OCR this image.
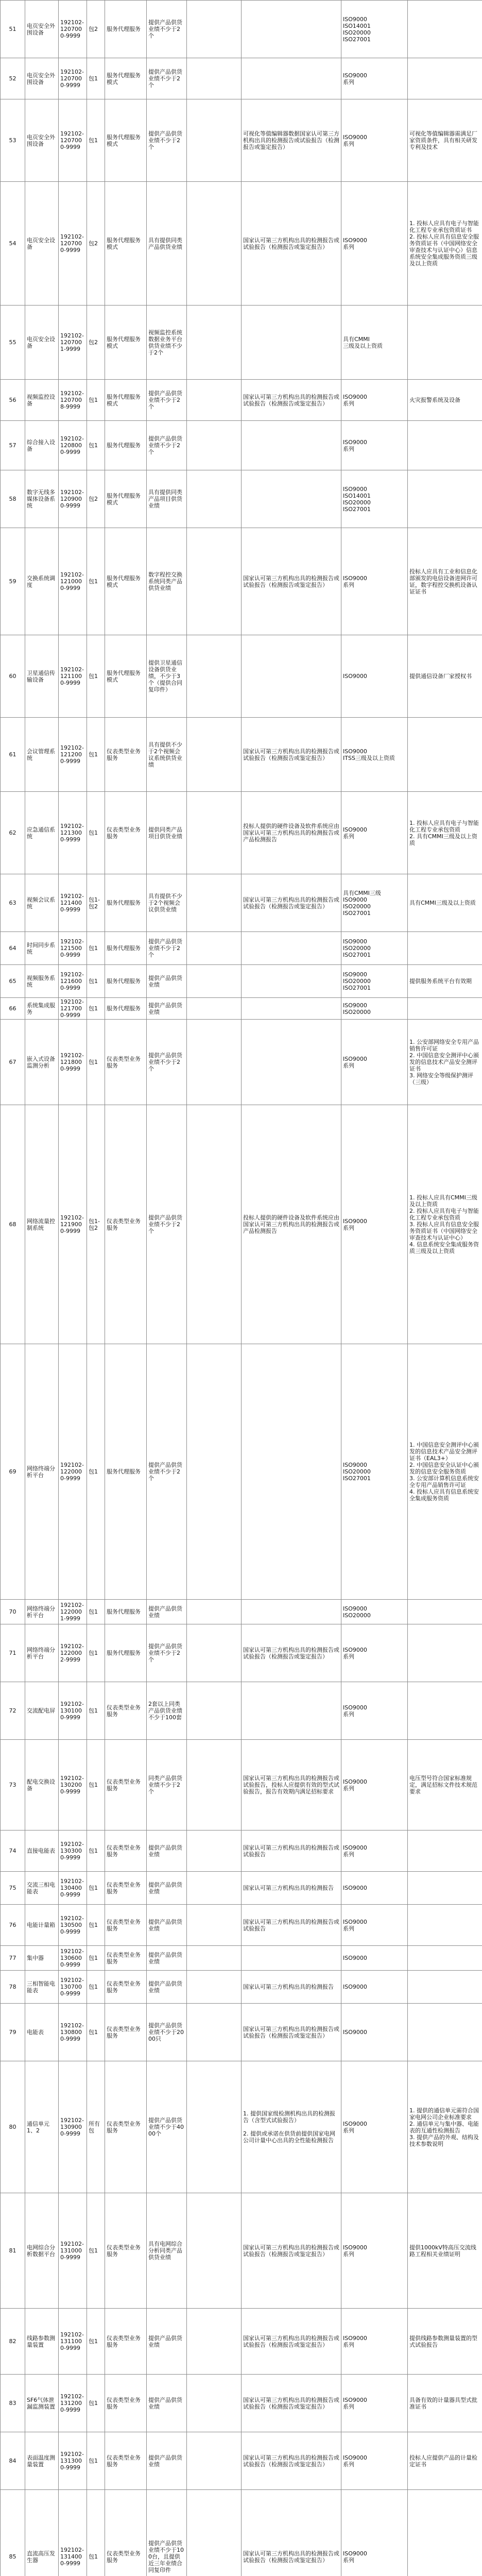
51	电页安全外围设备	192102-1207000-9999	包2	服务代理服务	提供产品供货业绩不少于2个			ISO9000
ISO14001
ISO20000
ISO27001	
52	电页安全外围设备	192102-1207000-9999	包1	服务代理服务模式	提供产品供货业绩不少于2个			ISO9000
系列	
53	电页安全外围设备	192102-1207000-9999	包1	服务代理服务模式	提供产品供货业绩不少于2个		可视化等值编辑器数据国家认可第三方机构出具的检测报告或试验报告（检测报告或鉴定报告）	ISO9000
系列	可视化等值编辑器需满足厂家资质条件，具有相关研发专利及技术
54	电页安全设备	192102-1207000-9999	包2	服务代理服务模式	具有提供同类产品供货业绩		国家认可第三方机构出具的检测报告或试验报告（检测报告或鉴定报告）	ISO9000
系列	1. 投标人应具有电子与智能化工程专业承包资质证书
2. 投标人应具有信息安全服务资质证书（中国网络安全审查技术与认证中心）信息系统安全集成服务资质三级及以上资质
55	电页安全设备	192102-1207001-9999	包2	服务代理服务模式	视频监控系统数据业务平台供货业绩不少于2个			具有CMMI
三级及以上资质	
56	视频监控设备	192102-1207008-9999	包1	服务代理服务模式	提供产品供货业绩不少于2个		国家认可第三方机构出具的检测报告或试验报告（检测报告或鉴定报告）	ISO9000
系列	火灾报警系统及设备
57	综合接入设备	192102-1208000-9999	包1	服务代理服务	提供产品供货业绩不少于2个			ISO9000
系列	
58	数字无线多媒体设备系统	192102-1209000-9999	包2	服务代理服务模式	具有提供同类产品项目供货业绩			ISO9000
ISO14001
ISO20000
ISO27001	
59	交换系统调度	192102-1210000-9999	包1	服务代理服务模式	数字程控交换系统同类产品供货业绩		国家认可第三方机构出具的检测报告或试验报告（检测报告或鉴定报告）	ISO9000
系列	投标人应具有工业和信息化部颁发的电信设备进网许可证，数字程控交换机设备认证证书
60	卫星通信传输设备	192102-1211000-9999	包1	服务代理服务模式	提供卫星通信设备供货业绩，不少于3个（提供合同复印件）			ISO9000	提供通信设备厂家授权书
61	会议管理系统	192102-1212000-9999	包1	仪表类型业务服务	具有提供不少于2个视频会议系统供货业绩		国家认可第三方机构出具的检测报告或试验报告（检测报告或鉴定报告）	ISO9000
ITSS三级及以上资质	
62	应急通信系统	192102-1213000-9999	包1	仪表类型业务服务	提供同类产品项目供货业绩		投标人提供的硬件设备及软件系统应由国家认可第三方机构出具的检测报告或产品检测报告	ISO9000
系列	1. 投标人应具有电子与智能化工程专业承包资质
2. 具有CMMI三级及以上资质
63	视频会议系统	192102-1214000-9999	包1-包2	服务代理服务	具有提供不少于2个视频会议供货业绩		国家认可第三方机构出具的检测报告或试验报告（检测报告或鉴定报告）	具有CMMI三级
ISO9000
ISO20000
ISO27001	具有CMMI三级及以上资质
64	时间同步系统	192102-1215000-9999	包1	服务代理服务	提供产品供货业绩不少于2个			ISO9000
ISO20000
ISO27001	
65	视频服务系统	192102-1216000-9999	包1	服务代理服务	提供产品供货业绩			ISO9000
ISO20000
ISO27001	提供服务系统平台有效期
66	系统集成服务	192102-1217000-9999	包1	服务代理服务	提供产品供货业绩			ISO9000
ISO20000	
67	嵌入式设备监测分析	192102-1218000-9999	包1	仪表类型业务服务	提供产品供货业绩不少于2个			ISO9000
系列	1. 公安部网络安全专用产品销售许可证
2. 中国信息安全测评中心颁发的信息技术产品安全测评证书
3. 网络安全等级保护测评（三级）
68	网络流量控制系统	192102-1219000-9999	包1-包2	仪表类型业务服务	提供产品供货业绩不少于2个		投标人提供的硬件设备及软件系统应由国家认可第三方机构出具的检测报告或产品检测报告	ISO9000
系列	1. 投标人应具有CMMI三级及以上资质
2. 投标人应具有电子与智能化工程专业承包资质
3. 投标人应具有信息安全服务资质证书（中国网络安全审查技术与认证中心）
4. 信息系统安全集成服务资质三级及以上资质
69	网络终端分析平台	192102-1220000-9999	包1	服务代理服务	提供产品供货业绩不少于2个			ISO9000
ISO20000
ISO27001	1. 中国信息安全测评中心颁发的信息技术产品安全测评证书（EAL3+）
2. 中国信息安全认证中心颁发的信息安全服务资质
3. 公安部计算机信息系统安全专用产品销售许可证
4. 投标人应具有信息系统安全集成服务资质
70	网络终端分析平台	192102-1220001-9999	包1	服务代理服务	提供产品供货业绩			ISO9000
ISO20000	
71	网络终端分析平台	192102-1220002-9999	包1	服务代理服务	提供产品供货业绩不少于2个		国家认可第三方机构出具的检测报告或试验报告（检测报告或鉴定报告）	ISO9000
系列	
72	交流配电屏	192102-1301000-9999	包1	仪表类型业务服务	2套以上同类产品供货业绩不少于100套			ISO9000
系列	
73	配电交换设备	192102-1302000-9999	包1	仪表类型业务服务	同类产品供货业绩不少于2个		国家认可第三方机构出具的检测报告或试验报告，投标人应提供有效的型式试验报告，报告有效期内满足招标要求	ISO9000
系列	电压型号符合国家标准规定，满足招标文件技术规范要求
74	直接电能表	192102-1303000-9999	包1	仪表类型业务服务	提供产品供货业绩		国家认可第三方机构出具的检测报告或试验报告	ISO9000
系列	
75	交流三相电能表	192102-1304000-9999	包1	仪表类型业务服务	提供产品供货业绩		国家认可第三方机构出具的检测报告	ISO9000	
76	电能计量箱	192102-1305000-9999	包1	仪表类型业务服务	提供产品供货业绩		国家认可第三方机构出具的检测报告或试验报告	ISO9000
系列	
77	集中器	192102-1306000-9999	包1	仪表类型业务服务	提供产品供货业绩			ISO9000	
78	三相智能电能表	192102-1307000-9999	包1	仪表类型业务服务	提供产品供货业绩		国家认可第三方机构出具的检测报告	ISO9000	
79	电能表	192102-1308000-9999	包1	仪表类型业务服务	提供产品供货业绩不少于2000只		国家认可第三方机构出具的检测报告或试验报告（检测报告或鉴定报告）	ISO9000	
80	通信单元1、2	192102-1309000-9999	所有包	仪表类型业务服务	提供产品供货业绩不少于4000个		1. 提供国家级检测机构出具的检测报告（含型式试验报告）

2. 提供或承诺在供货前提供国家电网公司计量中心出具的全性能检测报告	ISO9000
系列	1. 提供的通信单元需符合国家电网公司企业标准要求
2. 通信单元与集中器、电能表的互通性检测报告
3. 提供产品的外观、结构及技术参数说明
81	电网综合分析数据平台	192102-1310000-9999	包1	仪表类型业务服务	具有电网综合分析同类产品供货业绩		国家认可第三方机构出具的检测报告或试验报告（检测报告或鉴定报告）	ISO9000
系列	提供1000kV特高压交流线路工程相关业绩证明
82	线路参数测量装置	192102-1311000-9999	包1	仪表类型业务服务	提供产品供货业绩		国家认可第三方机构出具的检测报告或试验报告（检测报告或鉴定报告）	ISO9000
系列	提供线路参数测量装置的型式试验报告
83	SF6气体泄漏监测装置	192102-1312000-9999	包1	仪表类型业务服务	提供产品供货业绩		国家认可第三方机构出具的检测报告或试验报告（检测报告或鉴定报告）	ISO9000
系列	具备有效的计量器具型式批准证书
84	表面温度测量装置	192102-1313000-9999	包1	仪表类型业务服务	提供产品供货业绩		国家认可第三方机构出具的检测报告或试验报告（检测报告或鉴定报告）	ISO9000
系列	投标人应提供产品的计量检定证书
85	直流高压发生器	192102-1314000-9999	包1	仪表类型业务服务	提供产品供货业绩不少于100台，且提供近三年业绩合同复印件		国家认可第三方机构出具的检测报告或试验报告（检测报告或鉴定报告）	ISO9000
系列	
